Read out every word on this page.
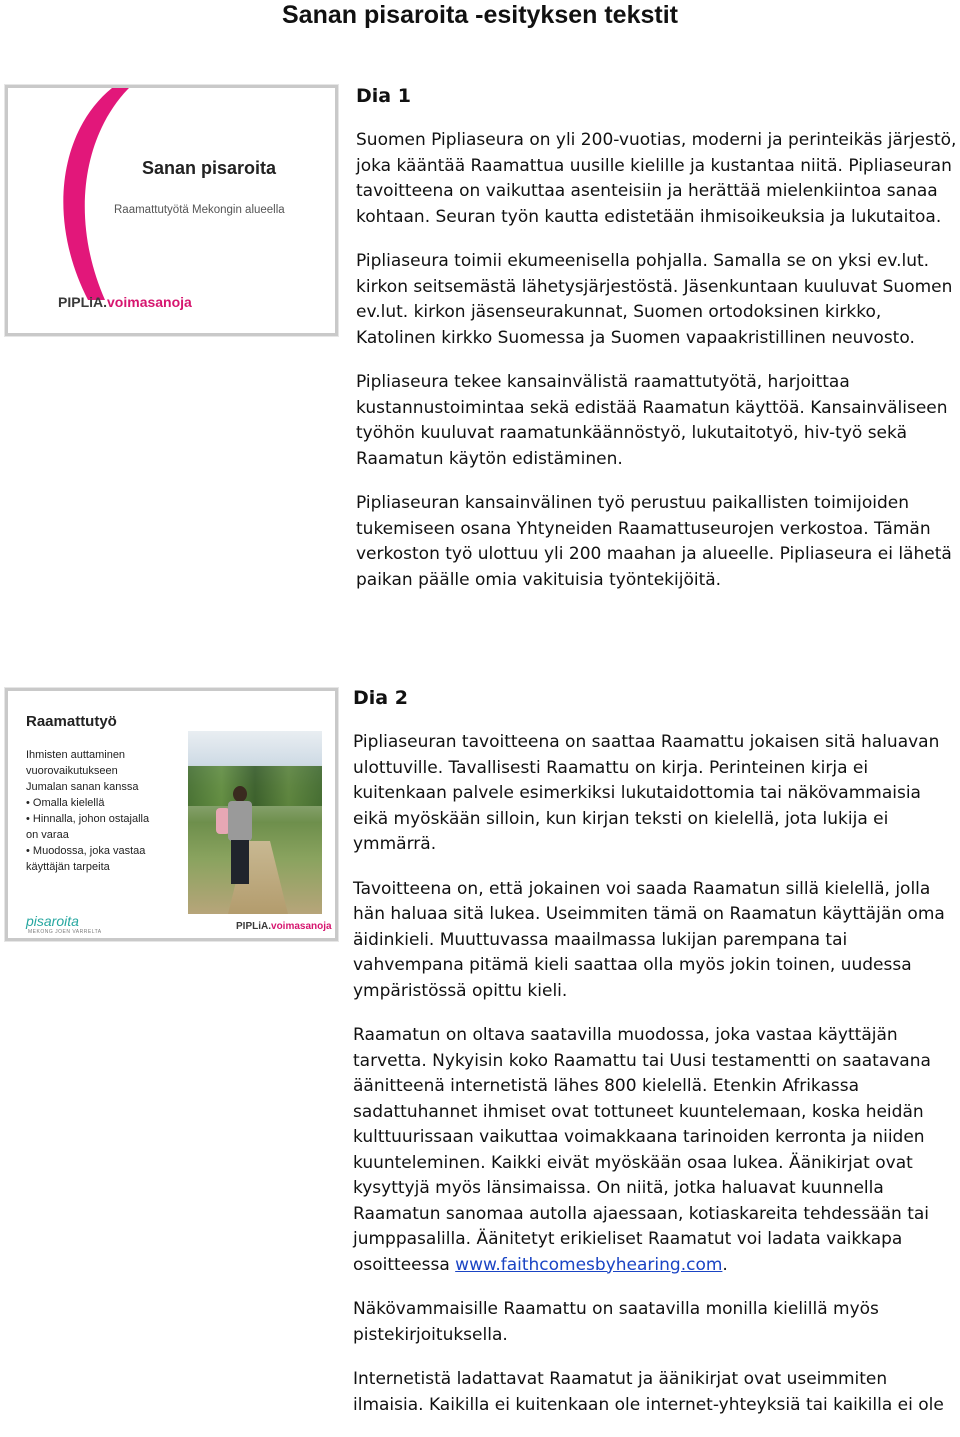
Sanan pisaroita -esityksen tekstit
Sanan pisaroita
Raamattutyötä Mekongin alueella
PIPLiA.voimasanoja
Dia 1
Suomen Pipliaseura on yli 200-vuotias, moderni ja perinteikäs järjestö, joka kääntää Raamattua uusille kielille ja kustantaa niitä. Pipliaseuran tavoitteena on vaikuttaa asenteisiin ja herättää mielenkiintoa sanaa kohtaan. Seuran työn kautta edistetään ihmisoikeuksia ja lukutaitoa.
Pipliaseura toimii ekumeenisella pohjalla. Samalla se on yksi ev.lut. kirkon seitsemästä lähetysjärjestöstä. Jäsenkuntaan kuuluvat Suomen ev.lut. kirkon jäsenseurakunnat, Suomen ortodoksinen kirkko, Katolinen kirkko Suomessa ja Suomen vapaakristillinen neuvosto.
Pipliaseura tekee kansainvälistä raamattutyötä, harjoittaa kustannustoimintaa sekä edistää Raamatun käyttöä. Kansainväliseen työhön kuuluvat raamatunkäännöstyö, lukutaitotyö, hiv-työ sekä Raamatun käytön edistäminen.
Pipliaseuran kansainvälinen työ perustuu paikallisten toimijoiden tukemiseen osana Yhtyneiden Raamattuseurojen verkostoa. Tämän verkoston työ ulottuu yli 200 maahan ja alueelle. Pipliaseura ei lähetä paikan päälle omia vakituisia työntekijöitä.
Raamattutyö
Ihmisten auttaminen
vuorovaikutukseen
Jumalan sanan kanssa
• Omalla kielellä
• Hinnalla, johon ostajalla
on varaa
• Muodossa, joka vastaa
käyttäjän tarpeita
pisaroita
MEKONG JOEN VARRELTA	PIPLiA.voimasanoja
Dia 2
Pipliaseuran tavoitteena on saattaa Raamattu jokaisen sitä haluavan ulottuville. Tavallisesti Raamattu on kirja. Perinteinen kirja ei kuitenkaan palvele esimerkiksi lukutaidottomia tai näkövammaisia eikä myöskään silloin, kun kirjan teksti on kielellä, jota lukija ei ymmärrä.
Tavoitteena on, että jokainen voi saada Raamatun sillä kielellä, jolla hän haluaa sitä lukea. Useimmiten tämä on Raamatun käyttäjän oma äidinkieli. Muuttuvassa maailmassa lukijan parempana tai vahvempana pitämä kieli saattaa olla myös jokin toinen, uudessa ympäristössä opittu kieli.
Raamatun on oltava saatavilla muodossa, joka vastaa käyttäjän tarvetta. Nykyisin koko Raamattu tai Uusi testamentti on saatavana äänitteenä internetistä lähes 800 kielellä. Etenkin Afrikassa sadattuhannet ihmiset ovat tottuneet kuuntelemaan, koska heidän kulttuurissaan vaikuttaa voimakkaana tarinoiden kerronta ja niiden kuunteleminen. Kaikki eivät myöskään osaa lukea. Äänikirjat ovat kysyttyjä myös länsimaissa. On niitä, jotka haluavat kuunnella Raamatun sanomaa autolla ajaessaan, kotiaskareita tehdessään tai jumppasalilla. Äänitetyt erikieliset Raamatut voi ladata vaikkapa osoitteessa www.faithcomesbyhearing.com.
Näkövammaisille Raamattu on saatavilla monilla kielillä myös pistekirjoituksella.
Internetistä ladattavat Raamatut ja äänikirjat ovat useimmiten ilmaisia. Kaikilla ei kuitenkaan ole internet-yhteyksiä tai kaikilla ei ole
